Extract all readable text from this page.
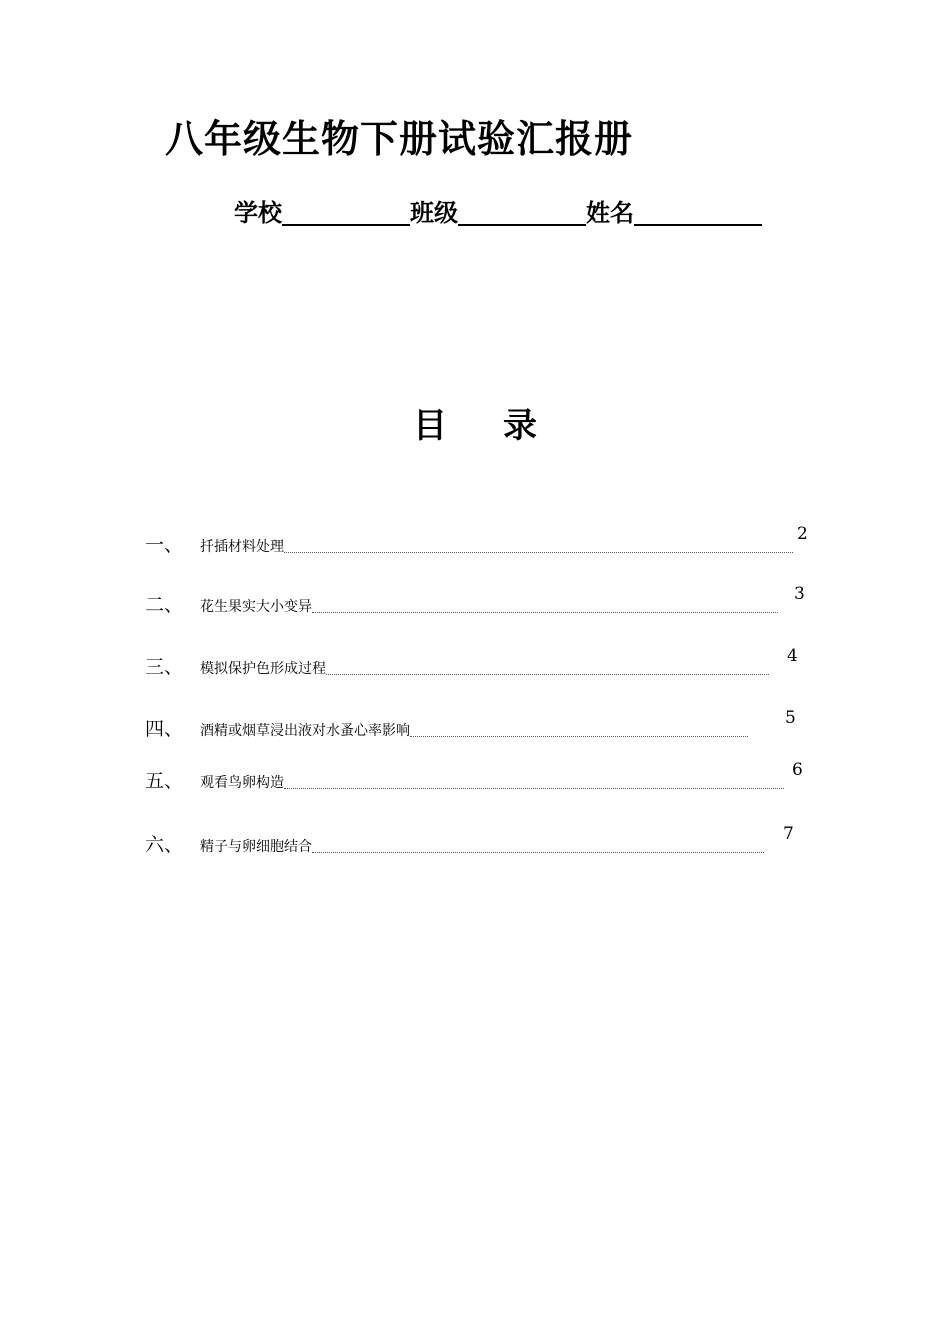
八年级生物下册试验汇报册
学校	班级	姓名
目 录
一、 扦插材料处理
2
二、 花生果实大小变异
3
三、 模拟保护色形成过程
4
四、 酒精或烟草浸出液对水蚤心率影响
5
五、 观看鸟卵构造
6
六、 精子与卵细胞结合
7
